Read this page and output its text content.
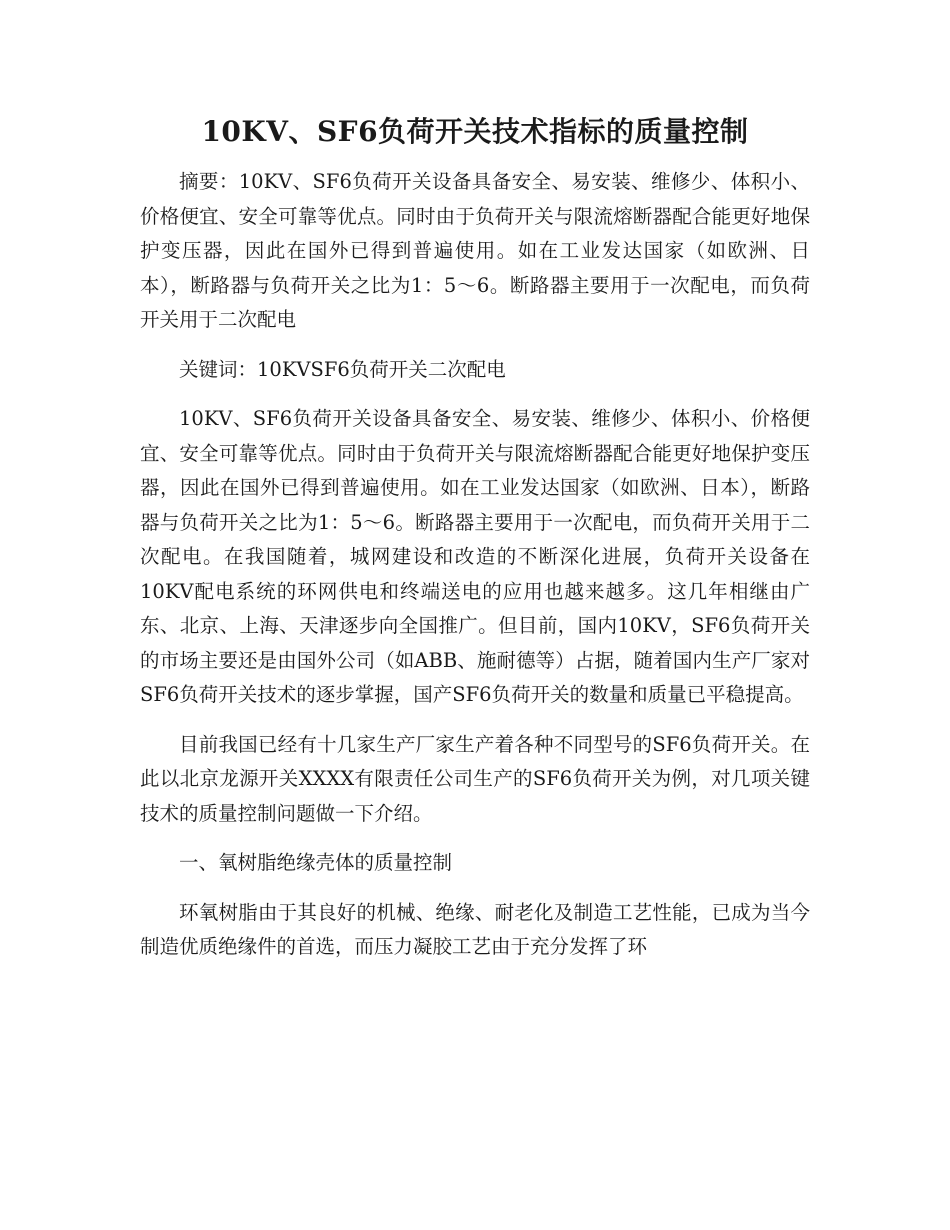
10KV、SF6负荷开关技术指标的质量控制

摘要：10KV、SF6负荷开关设备具备安全、易安装、维修少、体积小、价格便宜、安全可靠等优点。同时由于负荷开关与限流熔断器配合能更好地保护变压器，因此在国外已得到普遍使用。如在工业发达国家（如欧洲、日本），断路器与负荷开关之比为1：5～6。断路器主要用于一次配电，而负荷开关用于二次配电

关键词：10KVSF6负荷开关二次配电

10KV、SF6负荷开关设备具备安全、易安装、维修少、体积小、价格便宜、安全可靠等优点。同时由于负荷开关与限流熔断器配合能更好地保护变压器，因此在国外已得到普遍使用。如在工业发达国家（如欧洲、日本），断路器与负荷开关之比为1：5～6。断路器主要用于一次配电，而负荷开关用于二次配电。在我国随着，城网建设和改造的不断深化进展，负荷开关设备在10KV配电系统的环网供电和终端送电的应用也越来越多。这几年相继由广东、北京、上海、天津逐步向全国推广。但目前，国内10KV，SF6负荷开关的市场主要还是由国外公司（如ABB、施耐德等）占据，随着国内生产厂家对SF6负荷开关技术的逐步掌握，国产SF6负荷开关的数量和质量已平稳提高。

目前我国已经有十几家生产厂家生产着各种不同型号的SF6负荷开关。在此以北京龙源开关XXXX有限责任公司生产的SF6负荷开关为例，对几项关键技术的质量控制问题做一下介绍。

一、氧树脂绝缘壳体的质量控制

环氧树脂由于其良好的机械、绝缘、耐老化及制造工艺性能，已成为当今制造优质绝缘件的首选，而压力凝胶工艺由于充分发挥了环
